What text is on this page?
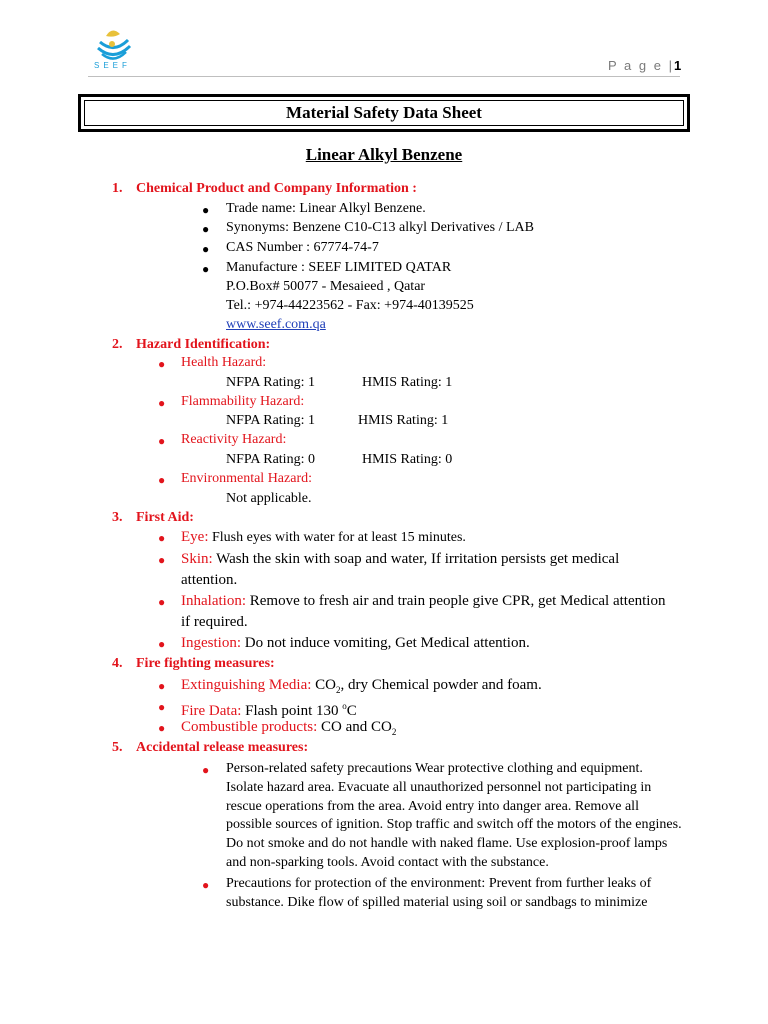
SEEF	P a g e |1
Material Safety Data Sheet
Linear Alkyl Benzene
1. Chemical Product and Company Information :
● Trade name: Linear Alkyl Benzene.
● Synonyms: Benzene C10-C13 alkyl Derivatives / LAB
● CAS Number : 67774-74-7
● Manufacture : SEEF LIMITED QATAR
P.O.Box# 50077 - Mesaieed , Qatar
Tel.: +974-44223562 - Fax: +974-40139525
www.seef.com.qa
2. Hazard Identification:
● Health Hazard:
NFPA Rating: 1	HMIS Rating: 1
● Flammability Hazard:
NFPA Rating: 1	HMIS Rating: 1
● Reactivity Hazard:
NFPA Rating: 0	HMIS Rating: 0
● Environmental Hazard:
Not applicable.
3. First Aid:
● Eye: Flush eyes with water for at least 15 minutes.
● Skin: Wash the skin with soap and water, If irritation persists get medical
attention.
● Inhalation: Remove to fresh air and train people give CPR, get Medical attention
if required.
● Ingestion: Do not induce vomiting, Get Medical attention.
4. Fire fighting measures:
● Extinguishing Media: $CO_2$, dry Chemical powder and foam.
● Fire Data: Flash point 130 $^o$C
● Combustible products: CO and $CO_2$
5. Accidental release measures:
● Person-related safety precautions Wear protective clothing and equipment.
Isolate hazard area. Evacuate all unauthorized personnel not participating in
rescue operations from the area. Avoid entry into danger area. Remove all
possible sources of ignition. Stop traffic and switch off the motors of the engines.
Do not smoke and do not handle with naked flame. Use explosion-proof lamps
and non-sparking tools. Avoid contact with the substance.
● Precautions for protection of the environment: Prevent from further leaks of
substance. Dike flow of spilled material using soil or sandbags to minimize
